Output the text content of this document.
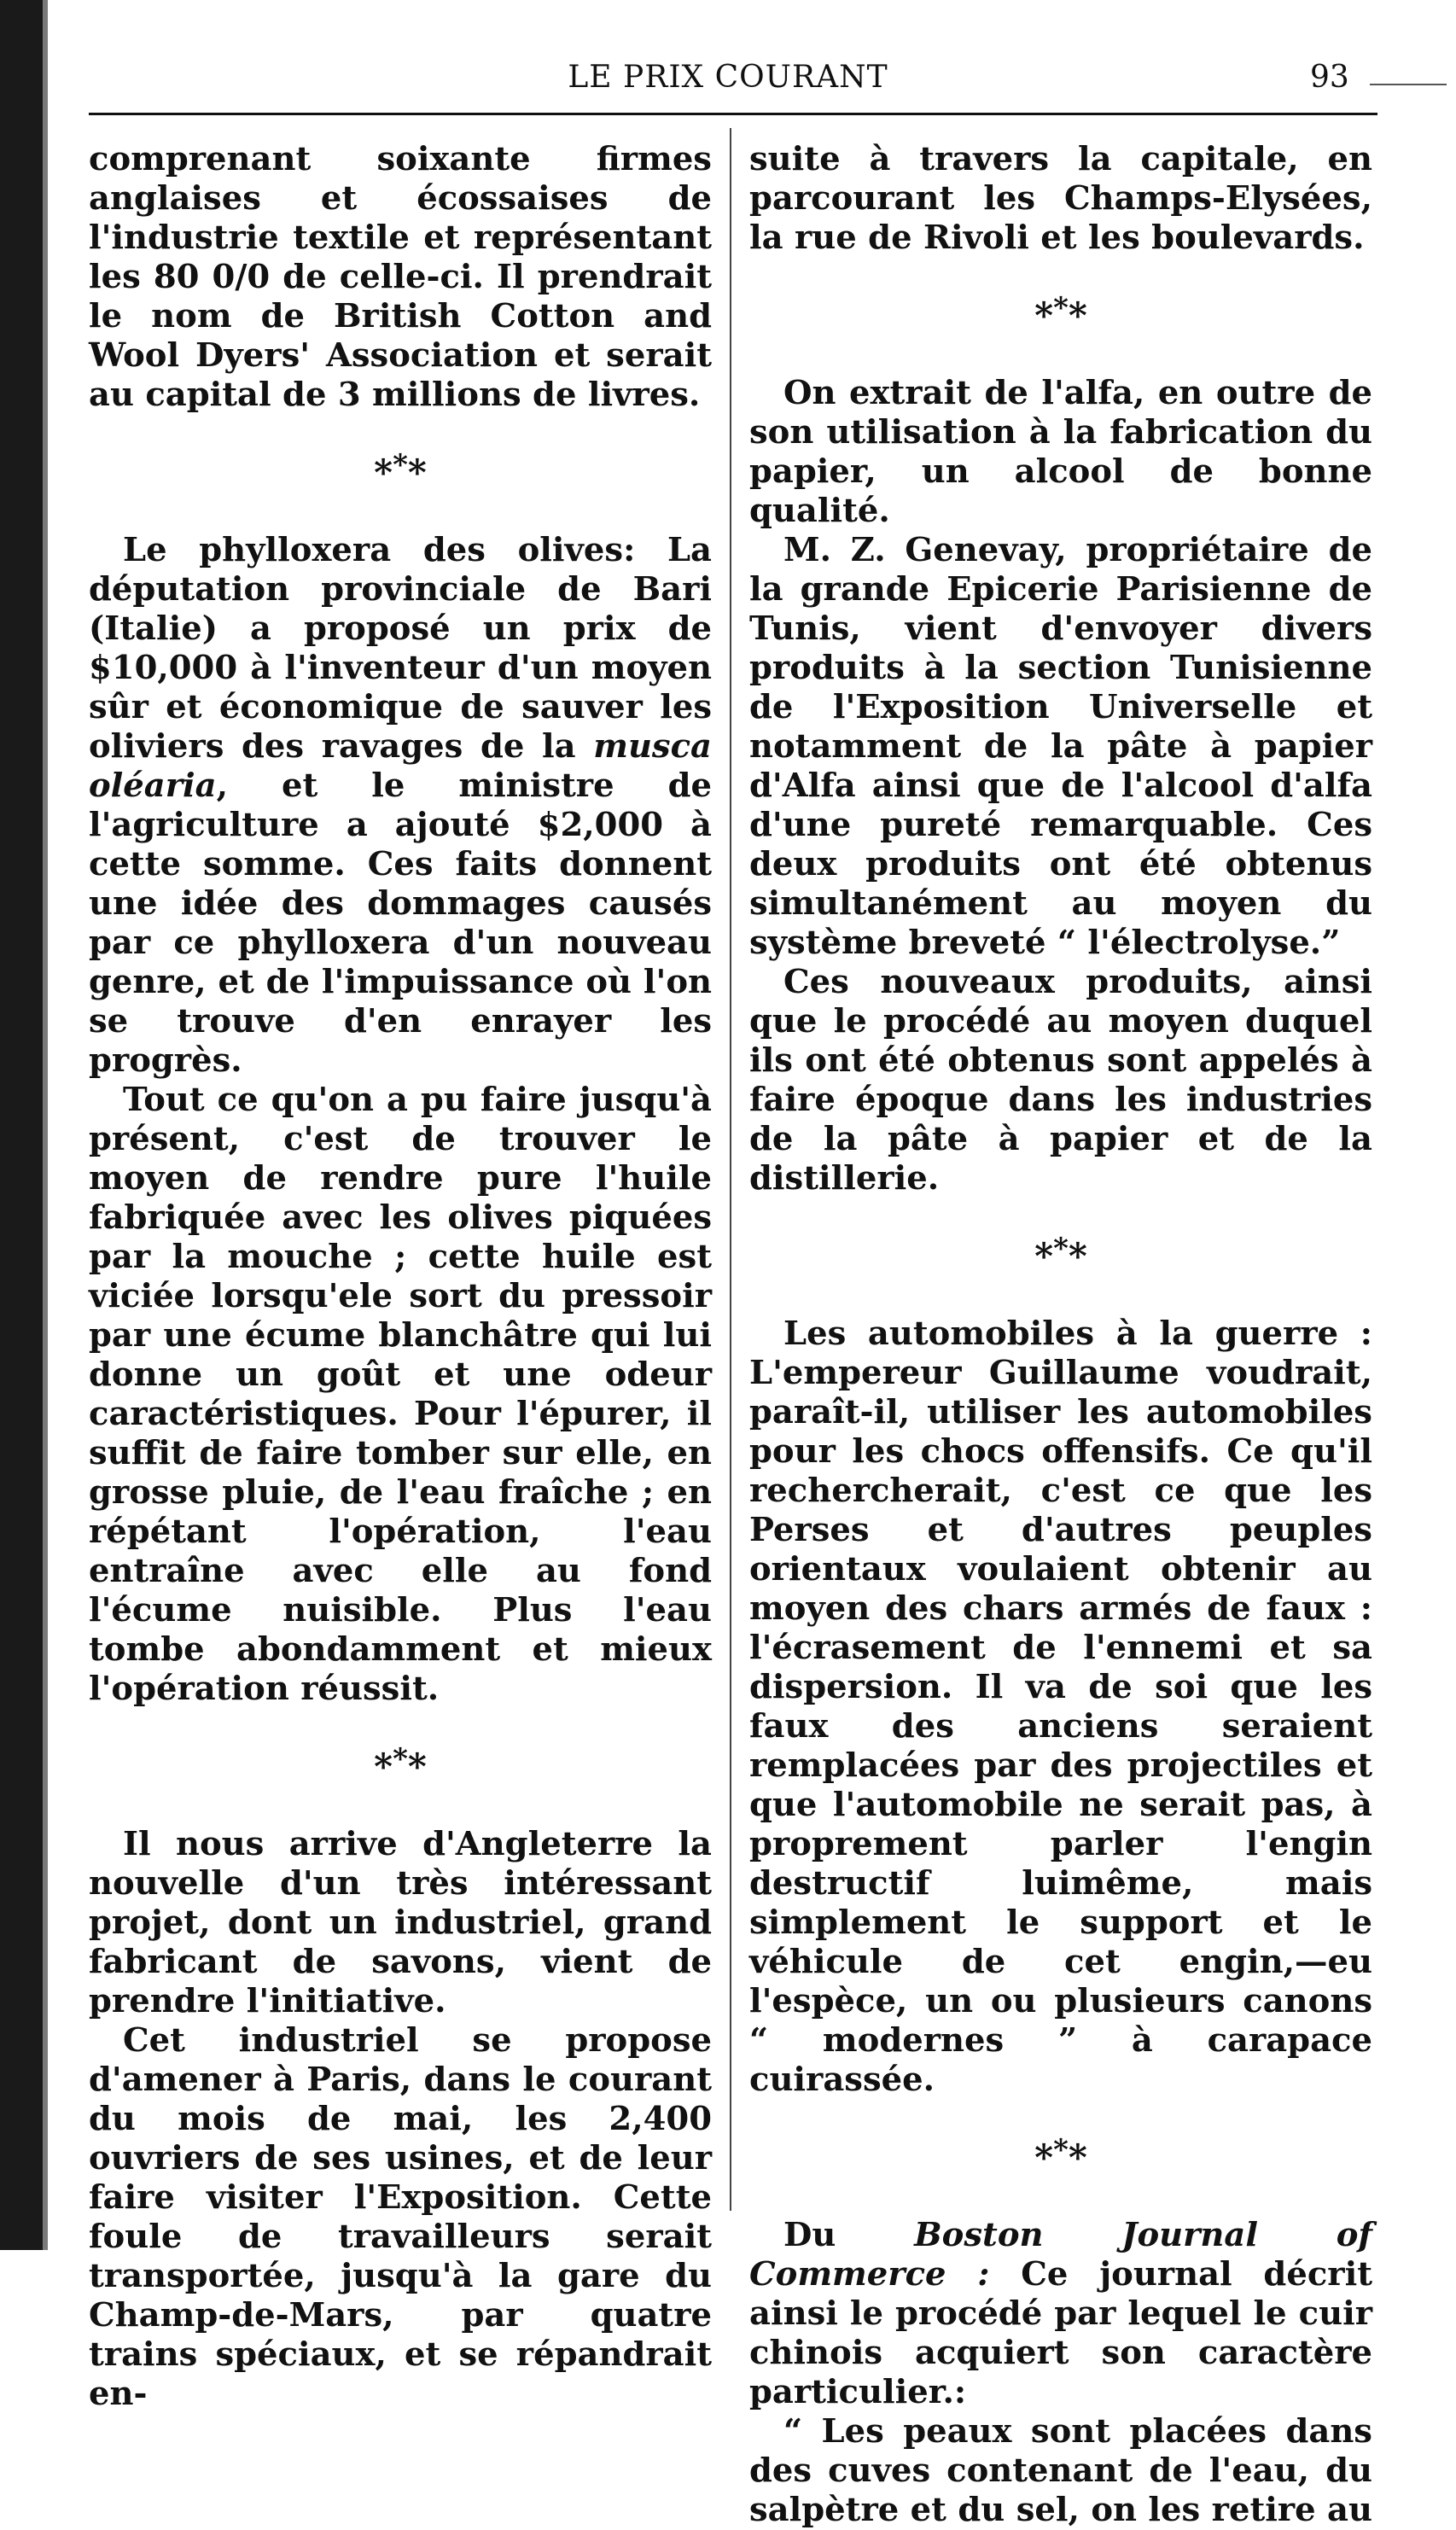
LE PRIX COURANT	93

comprenant soixante firmes anglaises et écossaises de l'industrie textile et représentant les 80 0/0 de celle-ci. Il prendrait le nom de British Cotton and Wool Dyers' Association et serait au capital de 3 millions de livres.

***

Le phylloxera des olives: La députation provinciale de Bari (Italie) a proposé un prix de $10,000 à l'inventeur d'un moyen sûr et économique de sauver les oliviers des ravages de la musca oléaria, et le ministre de l'agriculture a ajouté $2,000 à cette somme. Ces faits donnent une idée des dommages causés par ce phylloxera d'un nouveau genre, et de l'impuissance où l'on se trouve d'en enrayer les progrès.

Tout ce qu'on a pu faire jusqu'à présent, c'est de trouver le moyen de rendre pure l'huile fabriquée avec les olives piquées par la mouche ; cette huile est viciée lorsqu'ele sort du pressoir par une écume blanchâtre qui lui donne un goût et une odeur caractéristiques. Pour l'épurer, il suffit de faire tomber sur elle, en grosse pluie, de l'eau fraîche ; en répétant l'opération, l'eau entraîne avec elle au fond l'écume nuisible. Plus l'eau tombe abondamment et mieux l'opération réussit.

***

Il nous arrive d'Angleterre la nouvelle d'un très intéressant projet, dont un industriel, grand fabricant de savons, vient de prendre l'initiative.

Cet industriel se propose d'amener à Paris, dans le courant du mois de mai, les 2,400 ouvriers de ses usines, et de leur faire visiter l'Exposition. Cette foule de travailleurs serait transportée, jusqu'à la gare du Champ-de-Mars, par quatre trains spéciaux, et se répandrait en-

suite à travers la capitale, en parcourant les Champs-Elysées, la rue de Rivoli et les boulevards.

***

On extrait de l'alfa, en outre de son utilisation à la fabrication du papier, un alcool de bonne qualité.

M. Z. Genevay, propriétaire de la grande Epicerie Parisienne de Tunis, vient d'envoyer divers produits à la section Tunisienne de l'Exposition Universelle et notamment de la pâte à papier d'Alfa ainsi que de l'alcool d'alfa d'une pureté remarquable. Ces deux produits ont été obtenus simultanément au moyen du système breveté “ l'électrolyse.”

Ces nouveaux produits, ainsi que le procédé au moyen duquel ils ont été obtenus sont appelés à faire époque dans les industries de la pâte à papier et de la distillerie.

***

Les automobiles à la guerre : L'empereur Guillaume voudrait, paraît-il, utiliser les automobiles pour les chocs offensifs. Ce qu'il rechercherait, c'est ce que les Perses et d'autres peuples orientaux voulaient obtenir au moyen des chars armés de faux : l'écrasement de l'ennemi et sa dispersion. Il va de soi que les faux des anciens seraient remplacées par des projectiles et que l'automobile ne serait pas, à proprement parler l'engin destructif luimême, mais simplement le support et le véhicule de cet engin,—eu l'espèce, un ou plusieurs canons “ modernes ” à carapace cuirassée.

***

Du Boston Journal of Commerce : Ce journal décrit ainsi le procédé par lequel le cuir chinois acquiert son caractère particulier.:

“ Les peaux sont placées dans des cuves contenant de l'eau, du salpètre et du sel, on les retire au
